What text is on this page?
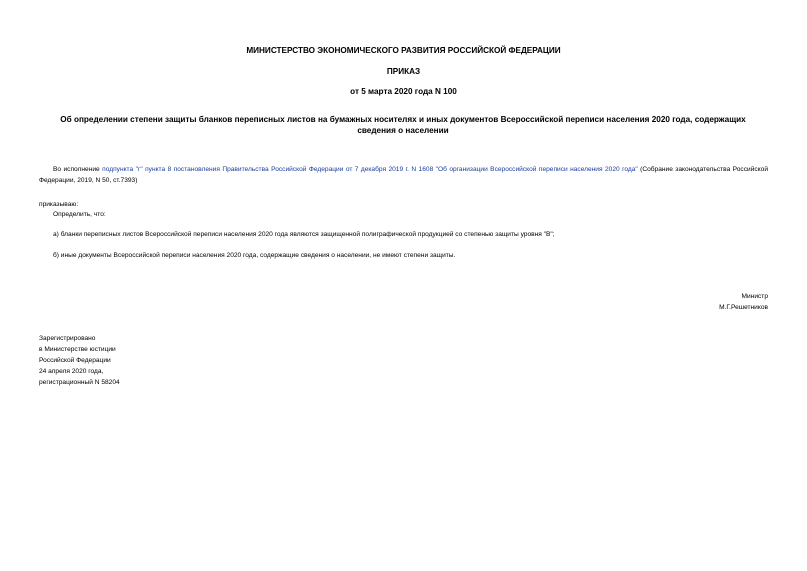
МИНИСТЕРСТВО ЭКОНОМИЧЕСКОГО РАЗВИТИЯ РОССИЙСКОЙ ФЕДЕРАЦИИ

ПРИКАЗ

от 5 марта 2020 года N 100

Об определении степени защиты бланков переписных листов на бумажных носителях и иных документов Всероссийской переписи населения 2020 года, содержащих сведения о населении

Во исполнение подпункта "г" пункта 8 постановления Правительства Российской Федерации от 7 декабря 2019 г. N 1608 "Об организации Всероссийской переписи населения 2020 года" (Собрание законодательства Российской Федерации, 2019, N 50, ст.7393)

приказываю:

Определить, что:

а) бланки переписных листов Всероссийской переписи населения 2020 года являются защищенной полиграфической продукцией со степенью защиты уровня "В";

б) иные документы Всероссийской переписи населения 2020 года, содержащие сведения о населении, не имеют степени защиты.

Министр
М.Г.Решетников
Зарегистрировано
в Министерстве юстиции
Российской Федерации
24 апреля 2020 года,
регистрационный N 58204
